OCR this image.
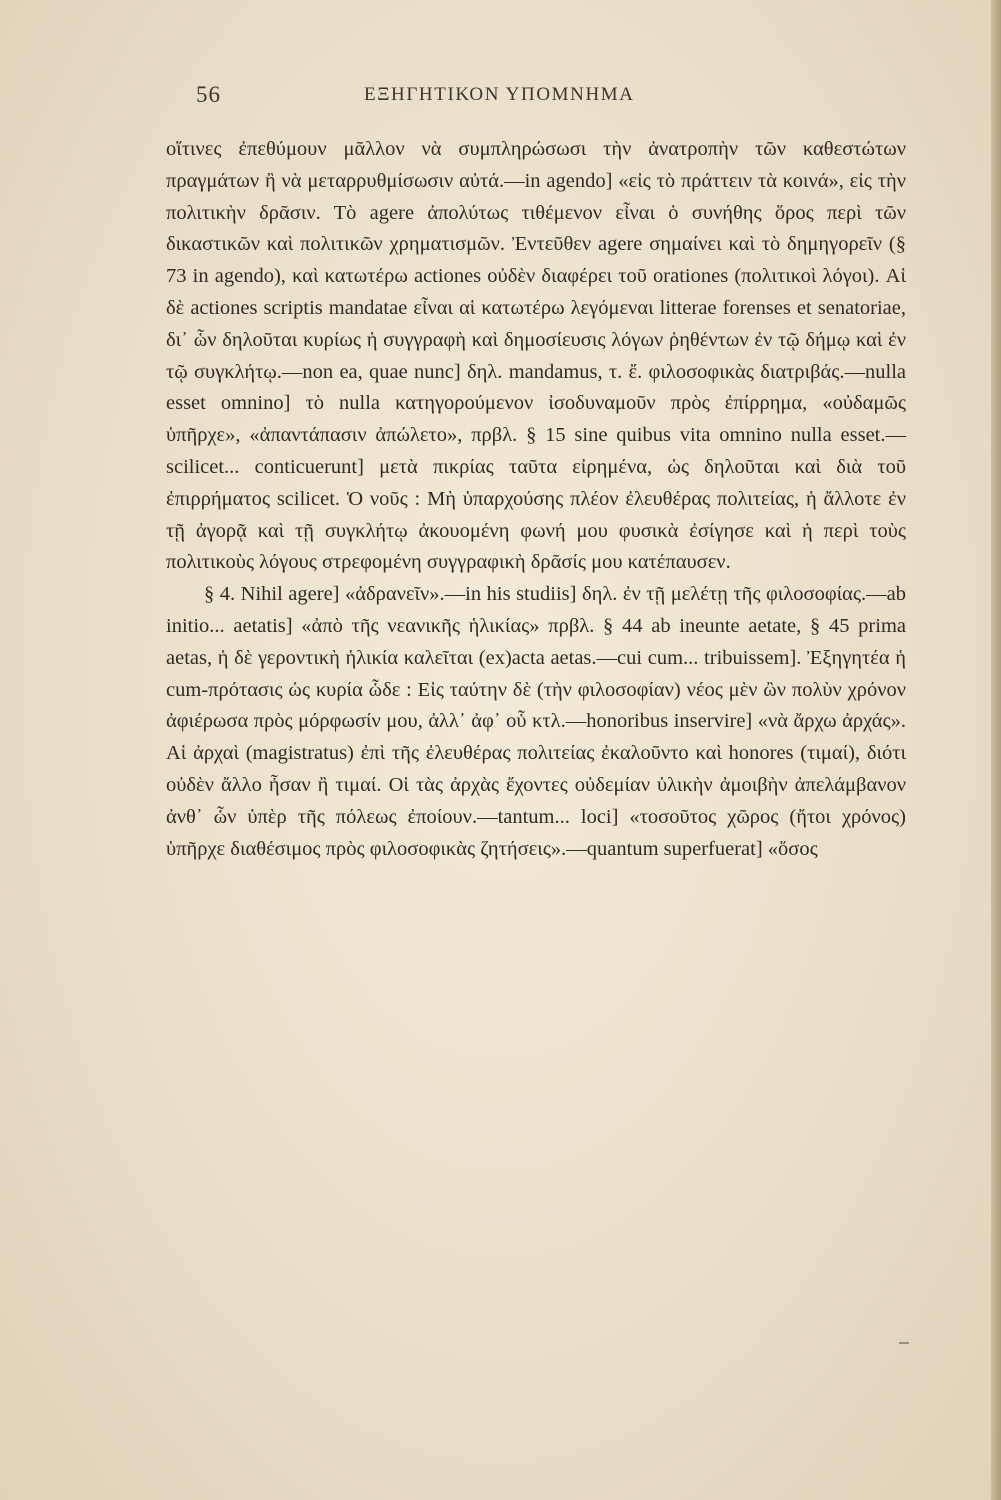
56	ΕΞΗΓΗΤΙΚΟΝ ΥΠΟΜΝΗΜΑ

οἵτινες ἐπεθύμουν μᾶλλον νὰ συμπληρώσωσι τὴν ἀνατροπὴν τῶν καθεστώτων πραγμάτων ἢ νὰ μεταρρυθμίσωσιν αὐτά.—in agendo] «εἰς τὸ πράττειν τὰ κοινά», εἰς τὴν πολιτικὴν δρᾶσιν. Τὸ agere ἀπολύτως τιθέμενον εἶναι ὁ συνήθης ὅρος περὶ τῶν δικαστικῶν καὶ πολιτικῶν χρηματισμῶν. Ἐντεῦθεν agere σημαίνει καὶ τὸ δημηγορεῖν (§ 73 in agendo), καὶ κατωτέρω actiones οὐδὲν διαφέρει τοῦ orationes (πολιτικοὶ λόγοι). Αἱ δὲ actiones scriptis mandatae εἶναι αἱ κατωτέρω λεγόμεναι litterae forenses et senatoriae, δι᾿ ὧν δηλοῦται κυρίως ἡ συγγραφὴ καὶ δημοσίευσις λόγων ῥηθέντων ἐν τῷ δήμῳ καὶ ἐν τῷ συγκλήτῳ.—non ea, quae nunc] δηλ. mandamus, τ. ἔ. φιλοσοφικὰς διατριβάς.—nulla esset omnino] τὸ nulla κατηγορούμενον ἰσοδυναμοῦν πρὸς ἐπίρρημα, «οὐδαμῶς ὑπῆρχε», «ἀπαντάπασιν ἀπώλετο», πρβλ. § 15 sine quibus vita omnino nulla esset.—scilicet... conticuerunt] μετὰ πικρίας ταῦτα εἰρημένα, ὡς δηλοῦται καὶ διὰ τοῦ ἐπιρρήματος scilicet. Ὁ νοῦς : Μὴ ὑπαρχούσης πλέον ἐλευθέρας πολιτείας, ἡ ἄλλοτε ἐν τῇ ἀγορᾷ καὶ τῇ συγκλήτῳ ἀκουομένη φωνή μου φυσικὰ ἐσίγησε καὶ ἡ περὶ τοὺς πολιτικοὺς λόγους στρεφομένη συγγραφικὴ δρᾶσίς μου κατέπαυσεν.

§ 4. Nihil agere] «ἀδρανεῖν».—in his studiis] δηλ. ἐν τῇ μελέτῃ τῆς φιλοσοφίας.—ab initio... aetatis] «ἀπὸ τῆς νεανικῆς ἡλικίας» πρβλ. § 44 ab ineunte aetate, § 45 prima aetas, ἡ δὲ γεροντικὴ ἡλικία καλεῖται (ex)acta aetas.—cui cum... tribuissem]. Ἐξηγητέα ἡ cum-πρότασις ὡς κυρία ὧδε : Εἰς ταύτην δὲ (τὴν φιλοσοφίαν) νέος μὲν ὢν πολὺν χρόνον ἀφιέρωσα πρὸς μόρφωσίν μου, ἀλλ᾿ ἀφ᾿ οὗ κτλ.—honoribus inservire] «νὰ ἄρχω ἀρχάς». Αἱ ἀρχαὶ (magistratus) ἐπὶ τῆς ἐλευθέρας πολιτείας ἐκαλοῦντο καὶ honores (τιμαί), διότι οὐδὲν ἄλλο ἦσαν ἢ τιμαί. Οἱ τὰς ἀρχὰς ἔχοντες οὐδεμίαν ὑλικὴν ἀμοιβὴν ἀπελάμβανον ἀνθ᾿ ὧν ὑπὲρ τῆς πόλεως ἐποίουν.—tantum... loci] «τοσοῦτος χῶρος (ἤτοι χρόνος) ὑπῆρχε διαθέσιμος πρὸς φιλοσοφικὰς ζητήσεις».—quantum superfuerat] «ὅσος
